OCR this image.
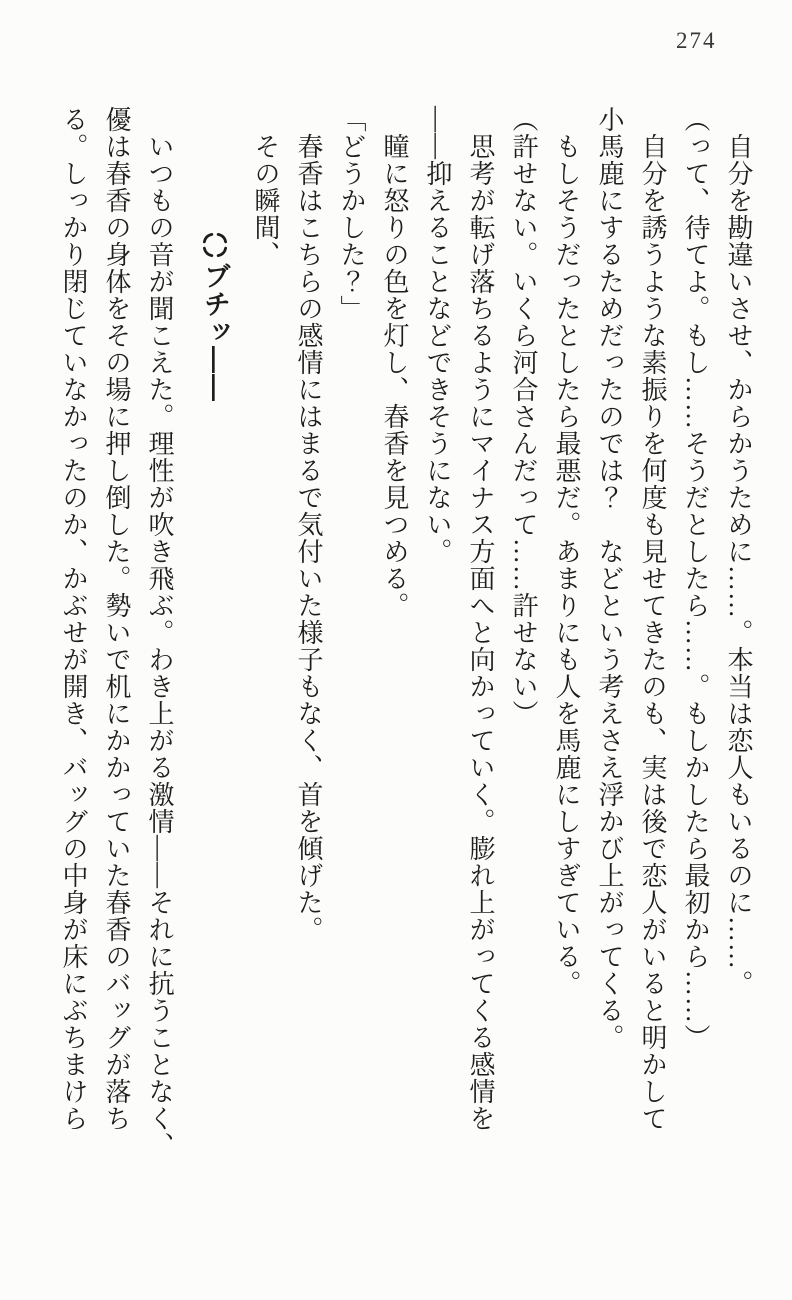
274

　自分を勘違いさせ、からかうために……。本当は恋人もいるのに……。

（って、待てよ。もし……そうだとしたら……。もしかしたら最初から……）

　自分を誘うような素振りを何度も見せてきたのも、実は後で恋人がいると明かして

小馬鹿にするためだったのでは？　などという考えさえ浮かび上がってくる。

　もしそうだったとしたら最悪だ。あまりにも人を馬鹿にしすぎている。

（許せない。いくら河合さんだって……許せない）

　思考が転げ落ちるようにマイナス方面へと向かっていく。膨れ上がってくる感情を

――抑えることなどできそうにない。

　瞳に怒りの色を灯し、春香を見つめる。

「どうかした？」

　春香はこちらの感情にはまるで気付いた様子もなく、首を傾げた。

　その瞬間、

ブチッ――

　いつもの音が聞こえた。理性が吹き飛ぶ。わき上がる激情――それに抗うことなく、

優は春香の身体をその場に押し倒した。勢いで机にかかっていた春香のバッグが落ち

る。しっかり閉じていなかったのか、かぶせが開き、バッグの中身が床にぶちまけら
